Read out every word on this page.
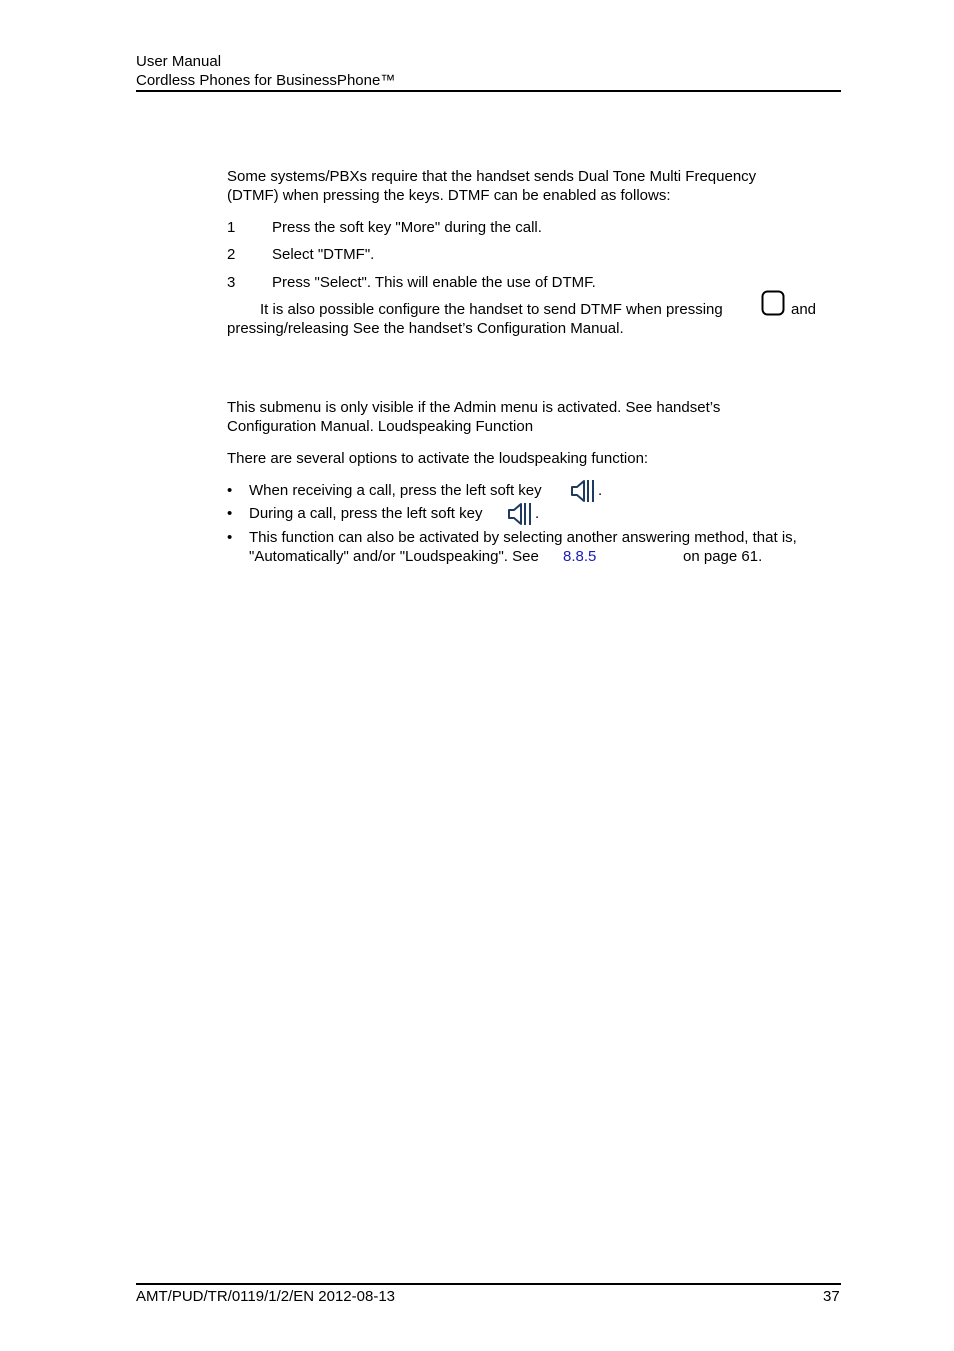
User Manual
Cordless Phones for BusinessPhone™
Some systems/PBXs require that the handset sends Dual Tone Multi Frequency
(DTMF) when pressing the keys. DTMF can be enabled as follows:
1 Press the soft key "More" during the call.
2 Select "DTMF".
3 Press "Select". This will enable the use of DTMF.
It is also possible configure the handset to send DTMF when pressing	and
pressing/releasing See the handset’s Configuration Manual.
This submenu is only visible if the Admin menu is activated. See handset’s
Configuration Manual. Loudspeaking Function
There are several options to activate the loudspeaking function:
• When receiving a call, press the left soft key	.
• During a call, press the left soft key	.
• This function can also be activated by selecting another answering method, that is,
"Automatically" and/or "Loudspeaking". See 8.8.5	on page 61.
AMT/PUD/TR/0119/1/2/EN 2012-08-13	37
